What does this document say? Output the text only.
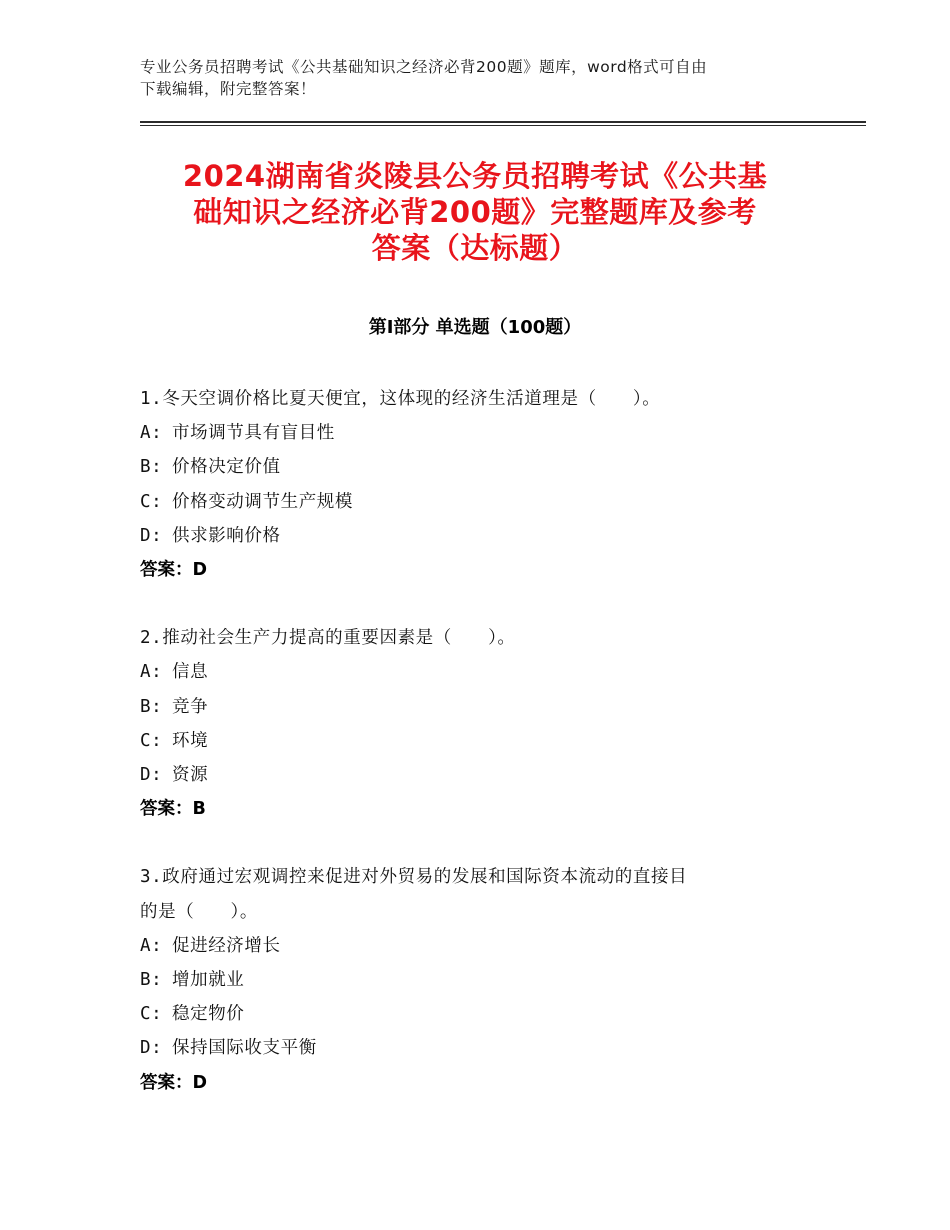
专业公务员招聘考试《公共基础知识之经济必背200题》题库，word格式可自由
下载编辑，附完整答案！
2024湖南省炎陵县公务员招聘考试《公共基
础知识之经济必背200题》完整题库及参考
答案（达标题）
第Ⅰ部分 单选题（100题）
1.冬天空调价格比夏天便宜，这体现的经济生活道理是（　　）。
A: 市场调节具有盲目性
B: 价格决定价值
C: 价格变动调节生产规模
D: 供求影响价格
答案：D
2.推动社会生产力提高的重要因素是（　　）。
A: 信息
B: 竞争
C: 环境
D: 资源
答案：B
3.政府通过宏观调控来促进对外贸易的发展和国际资本流动的直接目
的是（　　）。
A: 促进经济增长
B: 增加就业
C: 稳定物价
D: 保持国际收支平衡
答案：D
